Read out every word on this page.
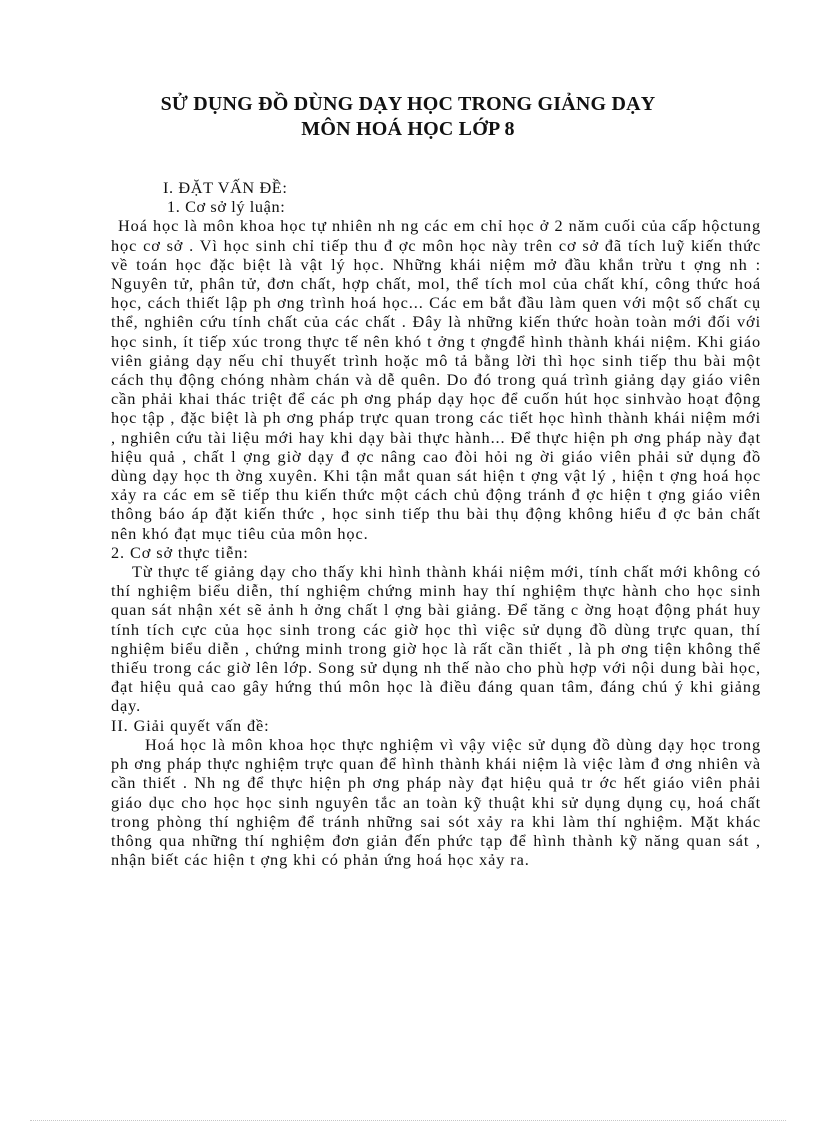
SỬ DỤNG ĐỒ DÙNG DẠY HỌC TRONG GIẢNG DẠY
MÔN HOÁ HỌC LỚP 8

I. ĐẶT VẤN ĐỀ:

1. Cơ sở lý luận:

Hoá học là môn khoa học tự nhiên nh ng các em chỉ học ở 2 năm cuối của cấp hộctung học cơ sở . Vì học sinh chỉ tiếp thu đ ợc môn học này trên cơ sở đã tích luỹ kiến thức về toán học đặc biệt là vật lý học. Những khái niệm mở đầu khắn trừu t ợng nh : Nguyên tử, phân tử, đơn chất, hợp chất, mol, thể tích mol của chất khí, công thức hoá học, cách thiết lập ph ơng trình hoá học... Các em bắt đầu làm quen với một số chất cụ thể, nghiên cứu tính chất của các chất . Đây là những kiến thức hoàn toàn mới đối với học sinh, ít tiếp xúc trong thực tế nên khó t ởng t ợngđể hình thành khái niệm. Khi giáo viên giảng dạy nếu chỉ thuyết trình hoặc mô tả bằng lời thì học sinh tiếp thu bài một cách thụ động chóng nhàm chán và dễ quên. Do đó trong quá trình giảng dạy giáo viên cần phải khai thác triệt để các ph ơng pháp dạy học để cuốn hút học sinhvào hoạt động học tập , đặc biệt là ph ơng pháp trực quan trong các tiết học hình thành khái niệm mới , nghiên cứu tài liệu mới hay khi dạy bài thực hành... Để thực hiện ph ơng pháp này đạt hiệu quả , chất l ợng giờ dạy đ ợc nâng cao đòi hỏi ng ời giáo viên phải sử dụng đồ dùng dạy học th ờng xuyên. Khi tận mắt quan sát hiện t ợng vật lý , hiện t ợng hoá học xảy ra các em sẽ tiếp thu kiến thức một cách chủ động tránh đ ợc hiện t ợng giáo viên thông báo áp đặt kiến thức , học sinh tiếp thu bài thụ động không hiểu đ ợc bản chất nên khó đạt mục tiêu của môn học.

2. Cơ sở thực tiễn:

Từ thực tế giảng dạy cho thấy khi hình thành khái niệm mới, tính chất mới không có thí nghiệm biểu diễn, thí nghiệm chứng minh hay thí nghiệm thực hành cho học sinh quan sát nhận xét sẽ ảnh h ởng chất l ợng bài giảng. Để tăng c ờng hoạt động phát huy tính tích cực của học sinh trong các giờ học thì việc sử dụng đồ dùng trực quan, thí nghiệm biểu diễn , chứng minh trong giờ học là rất cần thiết , là ph ơng tiện không thể thiếu trong các giờ lên lớp. Song sử dụng nh thế nào cho phù hợp với nội dung bài học, đạt hiệu quả cao gây hứng thú môn học là điều đáng quan tâm, đáng chú ý khi giảng dạy.

II. Giải quyết vấn đề:

Hoá học là môn khoa học thực nghiệm vì vậy việc sử dụng đồ dùng dạy học trong ph ơng pháp thực nghiệm trực quan để hình thành khái niệm là việc làm đ ơng nhiên và cần thiết . Nh ng để thực hiện ph ơng pháp này đạt hiệu quả tr ớc hết giáo viên phải giáo dục cho học học sinh nguyên tắc an toàn kỹ thuật khi sử dụng dụng cụ, hoá chất trong phòng thí nghiệm để tránh những sai sót xảy ra khi làm thí nghiệm. Mặt khác thông qua những thí nghiệm đơn giản đến phức tạp để hình thành kỹ năng quan sát , nhận biết các hiện t ợng khi có phản ứng hoá học xảy ra.
